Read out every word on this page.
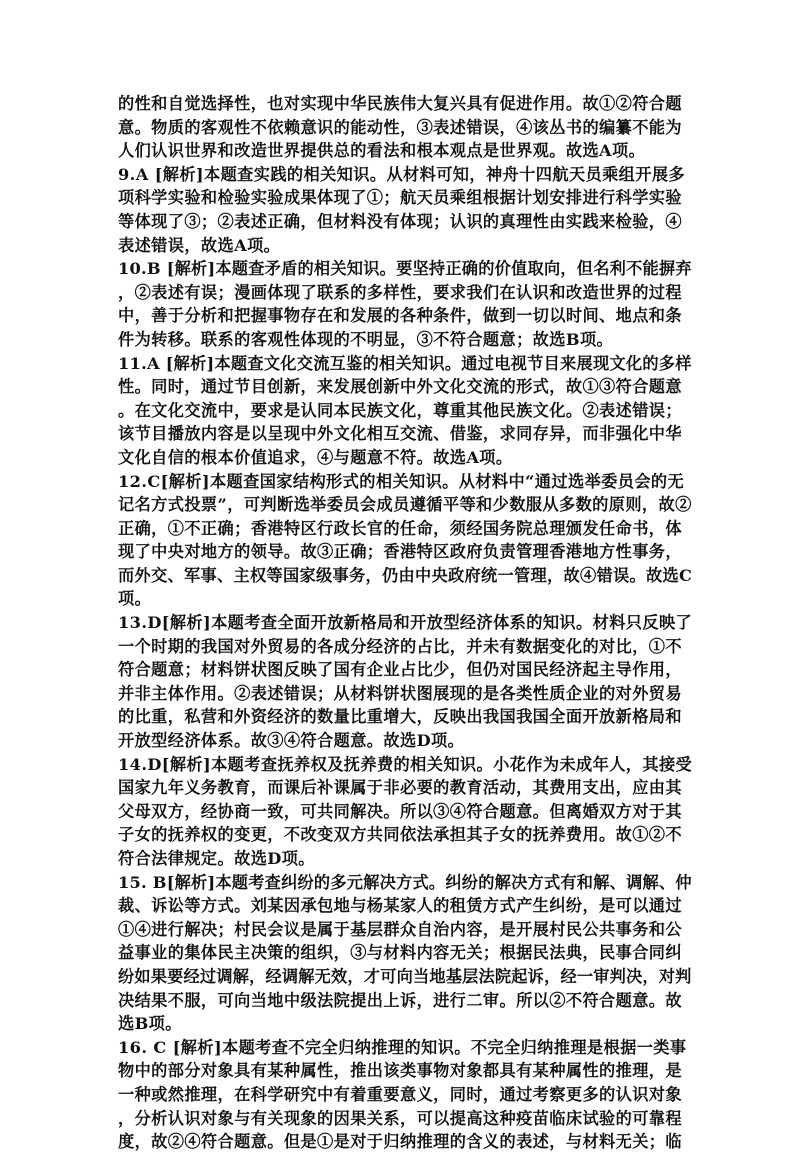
的性和自觉选择性，也对实现中华民族伟大复兴具有促进作用。故①②符合题
意。物质的客观性不依赖意识的能动性，③表述错误，④该丛书的编纂不能为
人们认识世界和改造世界提供总的看法和根本观点是世界观。故选A项。
9.A [解析]本题查实践的相关知识。从材料可知，神舟十四航天员乘组开展多
项科学实验和检验实验成果体现了①；航天员乘组根据计划安排进行科学实验
等体现了③；②表述正确，但材料没有体现；认识的真理性由实践来检验，④
表述错误，故选A项。
10.B [解析]本题查矛盾的相关知识。要坚持正确的价值取向，但名利不能摒弃
，②表述有误；漫画体现了联系的多样性，要求我们在认识和改造世界的过程
中，善于分析和把握事物存在和发展的各种条件，做到一切以时间、地点和条
件为转移。联系的客观性体现的不明显，③不符合题意；故选B项。
11.A [解析]本题查文化交流互鉴的相关知识。通过电视节目来展现文化的多样
性。同时，通过节目创新，来发展创新中外文化交流的形式，故①③符合题意
。在文化交流中，要求是认同本民族文化，尊重其他民族文化。②表述错误；
该节目播放内容是以呈现中外文化相互交流、借鉴，求同存异，而非强化中华
文化自信的根本价值追求，④与题意不符。故选A项。
12.C[解析]本题查国家结构形式的相关知识。从材料中“通过选举委员会的无
记名方式投票”，可判断选举委员会成员遵循平等和少数服从多数的原则，故②
正确，①不正确；香港特区行政长官的任命，须经国务院总理颁发任命书，体
现了中央对地方的领导。故③正确；香港特区政府负责管理香港地方性事务，
而外交、军事、主权等国家级事务，仍由中央政府统一管理，故④错误。故选C
项。
13.D[解析]本题考查全面开放新格局和开放型经济体系的知识。材料只反映了
一个时期的我国对外贸易的各成分经济的占比，并未有数据变化的对比，①不
符合题意；材料饼状图反映了国有企业占比少，但仍对国民经济起主导作用，
并非主体作用。②表述错误；从材料饼状图展现的是各类性质企业的对外贸易
的比重，私营和外资经济的数量比重增大，反映出我国我国全面开放新格局和
开放型经济体系。故③④符合题意。故选D项。
14.D[解析]本题考查抚养权及抚养费的相关知识。小花作为未成年人，其接受
国家九年义务教育，而课后补课属于非必要的教育活动，其费用支出，应由其
父母双方，经协商一致，可共同解决。所以③④符合题意。但离婚双方对于其
子女的抚养权的变更，不改变双方共同依法承担其子女的抚养费用。故①②不
符合法律规定。故选D项。
15. B[解析]本题考查纠纷的多元解决方式。纠纷的解决方式有和解、调解、仲
裁、诉讼等方式。刘某因承包地与杨某家人的租赁方式产生纠纷，是可以通过
①④进行解决；村民会议是属于基层群众自治内容，是开展村民公共事务和公
益事业的集体民主决策的组织，③与材料内容无关；根据民法典，民事合同纠
纷如果要经过调解，经调解无效，才可向当地基层法院起诉，经一审判决，对判
决结果不服，可向当地中级法院提出上诉，进行二审。所以②不符合题意。故
选B项。
16. C [解析]本题考查不完全归纳推理的知识。不完全归纳推理是根据一类事
物中的部分对象具有某种属性，推出该类事物对象都具有某种属性的推理，是
一种或然推理，在科学研究中有着重要意义，同时，通过考察更多的认识对象
，分析认识对象与有关现象的因果关系，可以提高这种疫苗临床试验的可靠程
度，故②④符合题意。但是①是对于归纳推理的含义的表述，与材料无关；临
